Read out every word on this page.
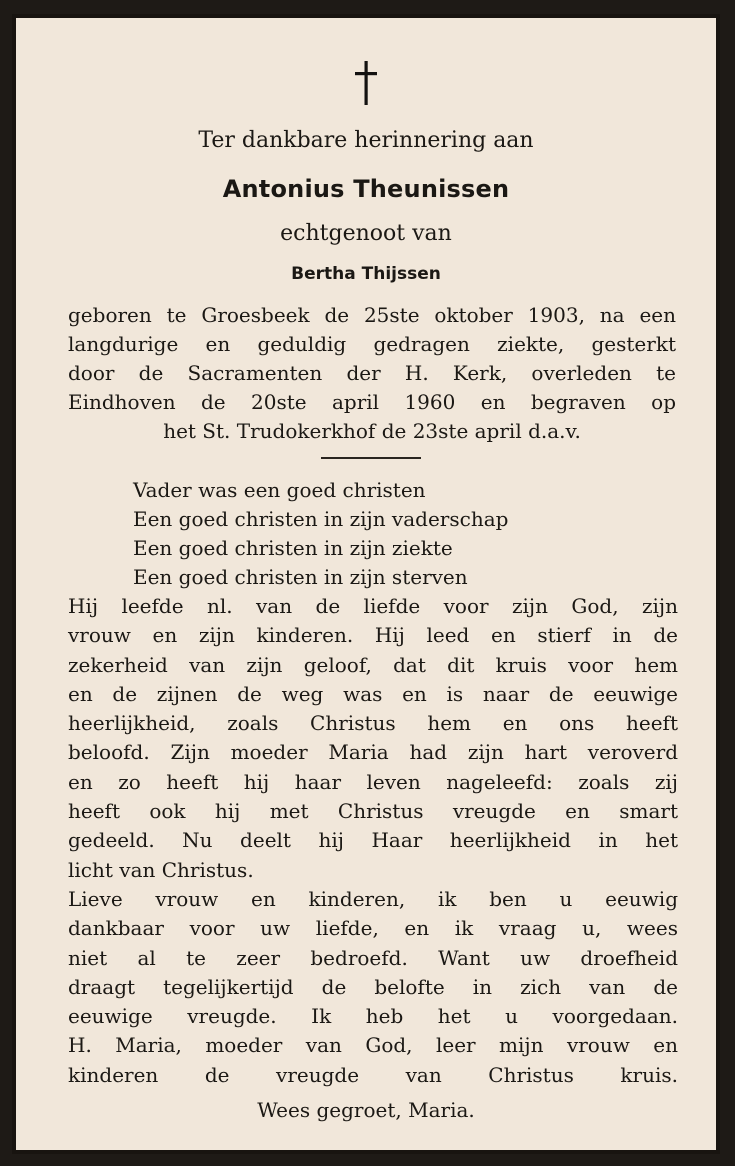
Ter dankbare herinnering aan
Antonius Theunissen
echtgenoot van
Bertha Thijssen
geboren te Groesbeek de 25ste oktober 1903, na een
langdurige en geduldig gedragen ziekte, gesterkt
door de Sacramenten der H. Kerk, overleden te
Eindhoven de 20ste april 1960 en begraven op
het St. Trudokerkhof de 23ste april d.a.v.
Vader was een goed christen
Een goed christen in zijn vaderschap
Een goed christen in zijn ziekte
Een goed christen in zijn sterven
Hij leefde nl. van de liefde voor zijn God, zijn
vrouw en zijn kinderen. Hij leed en stierf in de
zekerheid van zijn geloof, dat dit kruis voor hem
en de zijnen de weg was en is naar de eeuwige
heerlijkheid, zoals Christus hem en ons heeft
beloofd. Zijn moeder Maria had zijn hart veroverd
en zo heeft hij haar leven nageleefd: zoals zij
heeft ook hij met Christus vreugde en smart
gedeeld. Nu deelt hij Haar heerlijkheid in het
licht van Christus.
Lieve vrouw en kinderen, ik ben u eeuwig
dankbaar voor uw liefde, en ik vraag u, wees
niet al te zeer bedroefd. Want uw droefheid
draagt tegelijkertijd de belofte in zich van de
eeuwige vreugde. Ik heb het u voorgedaan.
H. Maria, moeder van God, leer mijn vrouw en
kinderen de vreugde van Christus kruis.
Wees gegroet, Maria.
